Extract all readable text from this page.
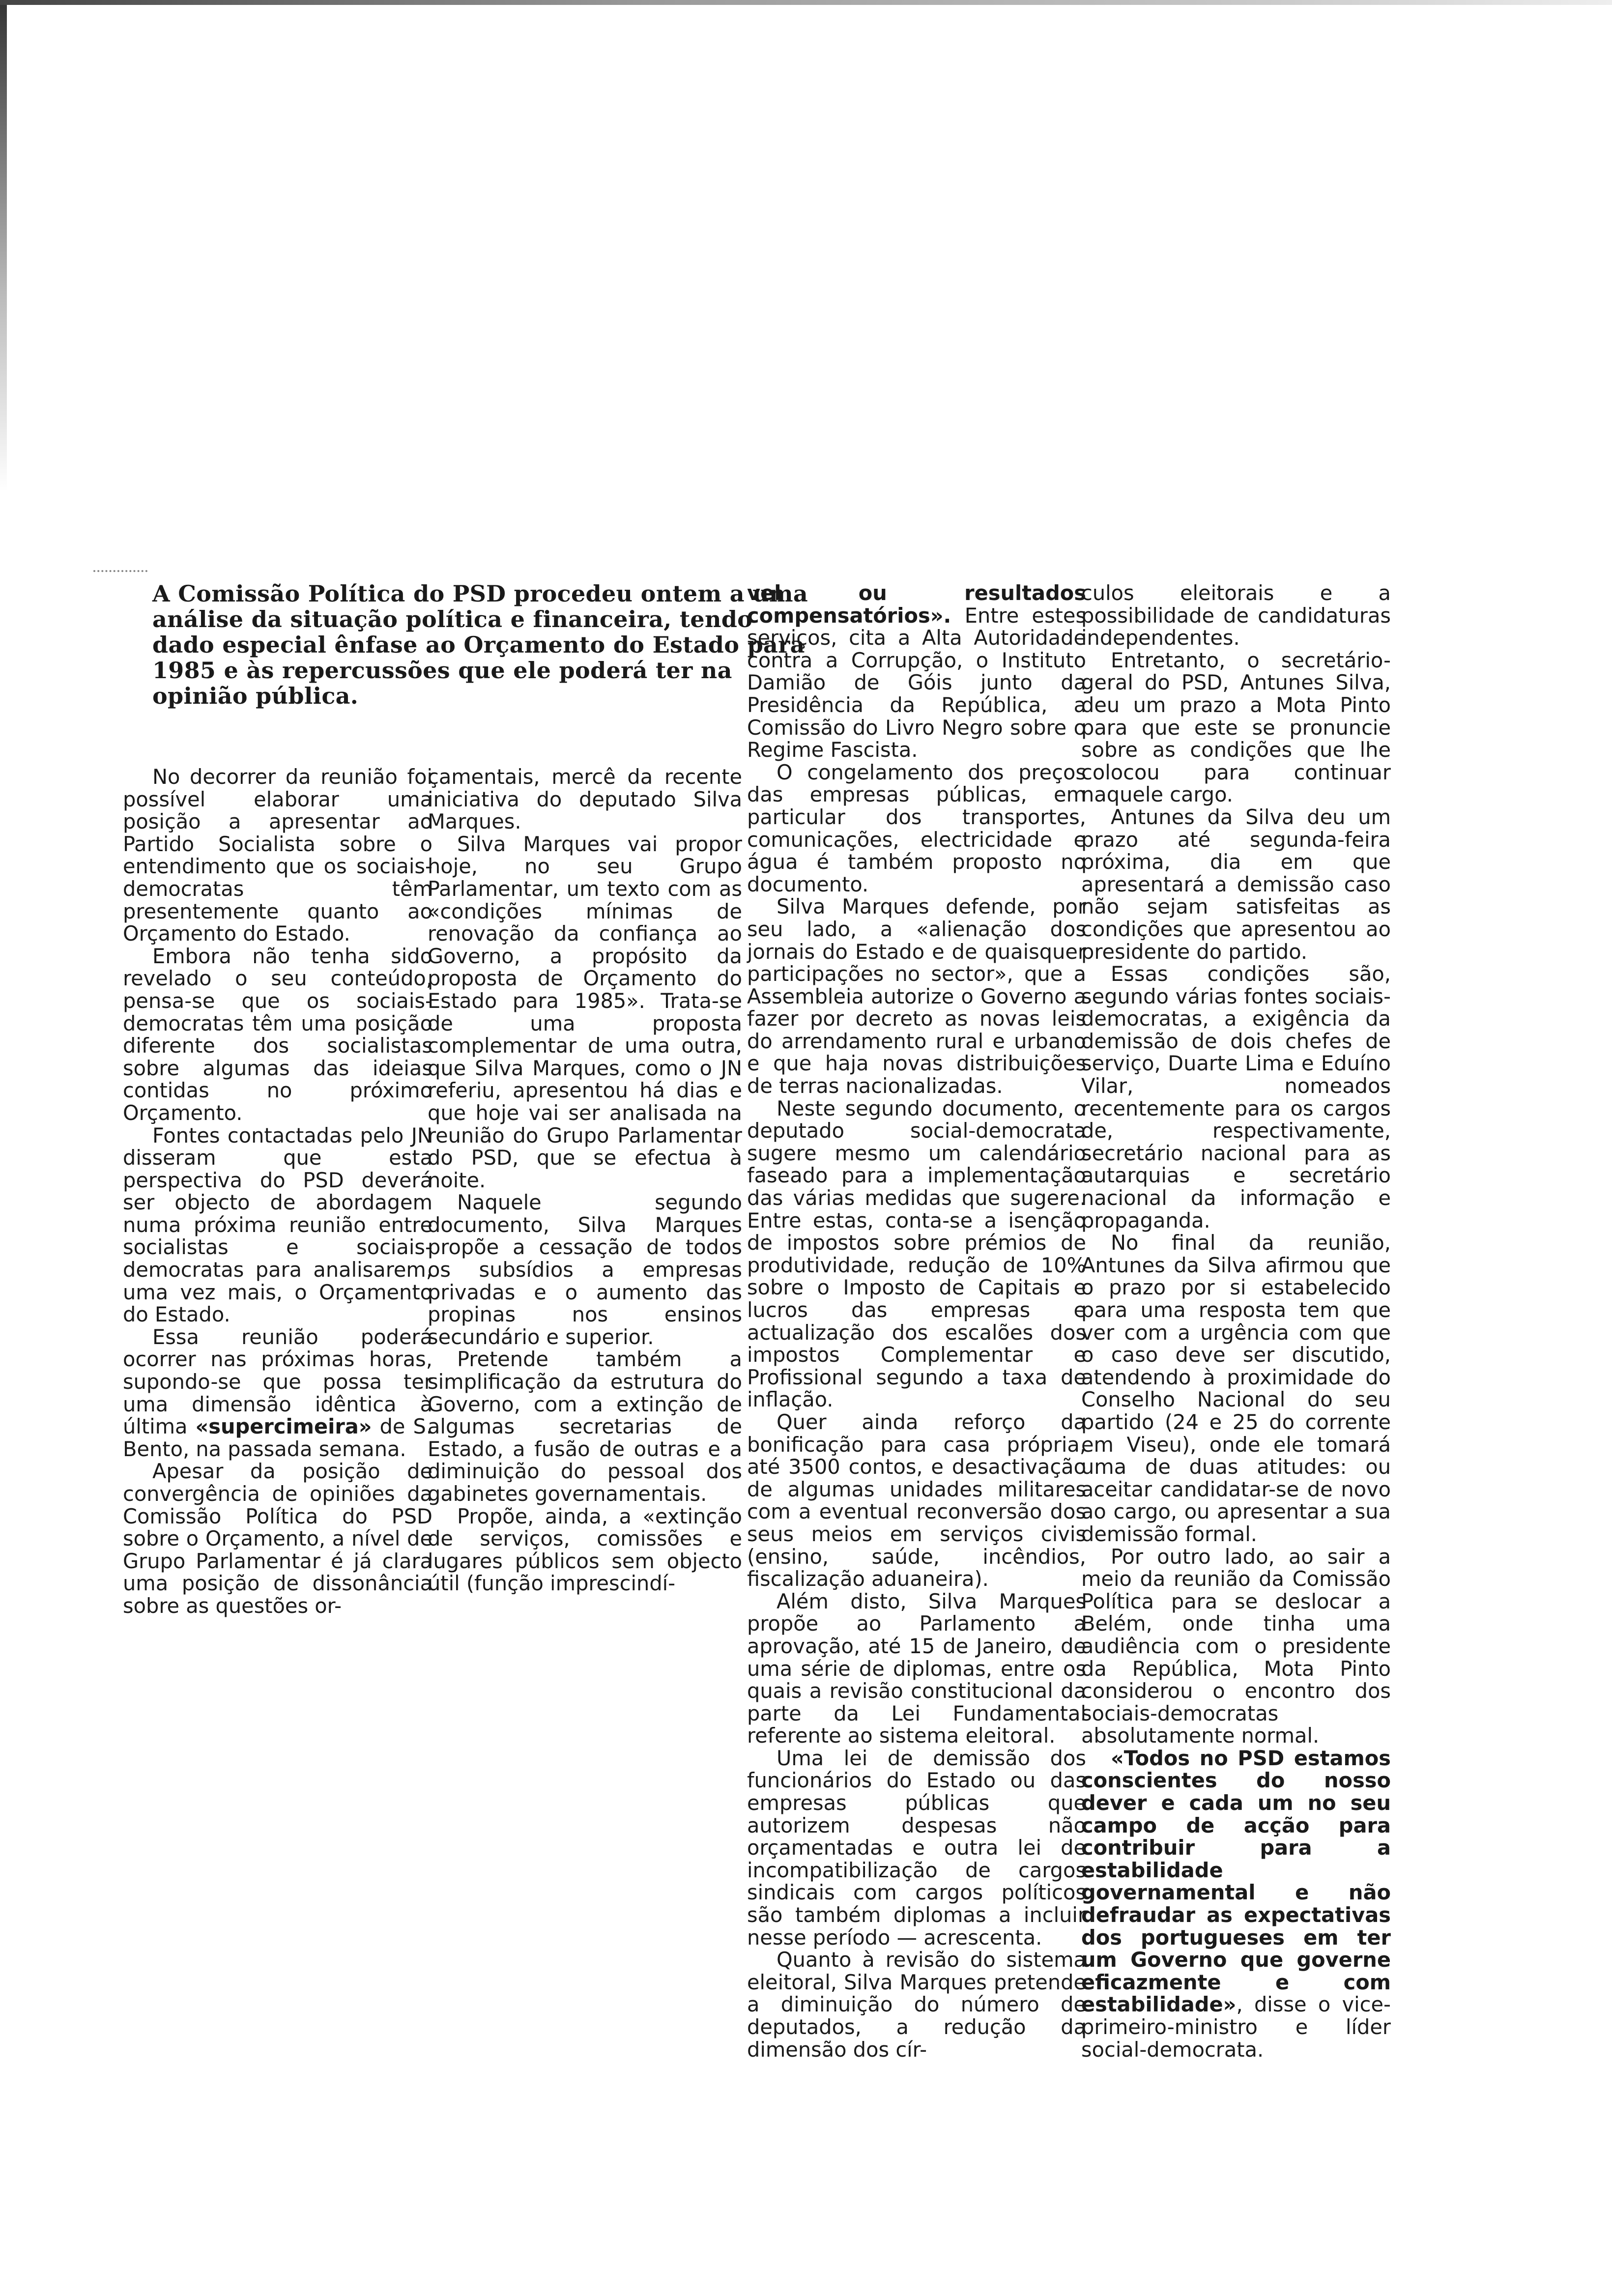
A Comissão Política do PSD procedeu ontem a uma análise da situação política e financeira, tendo dado especial ênfase ao Orçamento do Estado para 1985 e às repercussões que ele poderá ter na opinião pública.

No decorrer da reunião foi possível elaborar uma posição a apresentar ao Partido Socialista sobre o entendimento que os sociais-democratas têm presentemente quanto ao Orçamento do Estado.

Embora não tenha sido revelado o seu conteúdo, pensa-se que os sociais-democratas têm uma posição diferente dos socialistas sobre algumas das ideias contidas no próximo Orçamento.

Fontes contactadas pelo JN disseram que esta perspectiva do PSD deverá ser objecto de abordagem numa próxima reunião entre socialistas e sociais-democratas para analisarem, uma vez mais, o Orçamento do Estado.

Essa reunião poderá ocorrer nas próximas horas, supondo-se que possa ter uma dimensão idêntica à última «supercimeira» de S. Bento, na passada semana.

Apesar da posição de convergência de opiniões da Comissão Política do PSD sobre o Orçamento, a nível de Grupo Parlamentar é já clara uma posição de dissonância sobre as questões or-

çamentais, mercê da recente iniciativa do deputado Silva Marques.

Silva Marques vai propor hoje, no seu Grupo Parlamentar, um texto com as «condições mínimas de renovação da confiança ao Governo, a propósito da proposta de Orçamento do Estado para 1985». Trata-se de uma proposta complementar de uma outra, que Silva Marques, como o JN referiu, apresentou há dias e que hoje vai ser analisada na reunião do Grupo Parlamentar do PSD, que se efectua à noite.

Naquele segundo documento, Silva Marques propõe a cessação de todos os subsídios a empresas privadas e o aumento das propinas nos ensinos secundário e superior.

Pretende também a simplificação da estrutura do Governo, com a extinção de algumas secretarias de Estado, a fusão de outras e a diminuição do pessoal dos gabinetes governamentais.

Propõe, ainda, a «extinção de serviços, comissões e lugares públicos sem objecto útil (função imprescindí-

vel ou resultados compensatórios». Entre estes serviços, cita a Alta Autoridade contra a Corrupção, o Instituto Damião de Góis junto da Presidência da República, a Comissão do Livro Negro sobre o Regime Fascista.

O congelamento dos preços das empresas públicas, em particular dos transportes, comunicações, electricidade e água é também proposto no documento.

Silva Marques defende, por seu lado, a «alienação dos jornais do Estado e de quaisquer participações no sector», que a Assembleia autorize o Governo a fazer por decreto as novas leis do arrendamento rural e urbano e que haja novas distribuições de terras nacionalizadas.

Neste segundo documento, o deputado social-democrata sugere mesmo um calendário faseado para a implementação das várias medidas que sugere. Entre estas, conta-se a isenção de impostos sobre prémios de produtividade, redução de 10% sobre o Imposto de Capitais e lucros das empresas e actualização dos escalões dos impostos Complementar e Profissional segundo a taxa de inflação.

Quer ainda reforço da bonificação para casa própria, até 3500 contos, e desactivação de algumas unidades militares com a eventual reconversão dos seus meios em serviços civis (ensino, saúde, incêndios, fiscalização aduaneira).

Além disto, Silva Marques propõe ao Parlamento a aprovação, até 15 de Janeiro, de uma série de diplomas, entre os quais a revisão constitucional da parte da Lei Fundamental referente ao sistema eleitoral.

Uma lei de demissão dos funcionários do Estado ou das empresas públicas que autorizem despesas não orçamentadas e outra lei de incompatibilização de cargos sindicais com cargos políticos são também diplomas a incluir nesse período — acrescenta.

Quanto à revisão do sistema eleitoral, Silva Marques pretende a diminuição do número de deputados, a redução da dimensão dos cír-

culos eleitorais e a possibilidade de candidaturas independentes.

Entretanto, o secretário-geral do PSD, Antunes Silva, deu um prazo a Mota Pinto para que este se pronuncie sobre as condições que lhe colocou para continuar naquele cargo.

Antunes da Silva deu um prazo até segunda-feira próxima, dia em que apresentará a demissão caso não sejam satisfeitas as condições que apresentou ao presidente do partido.

Essas condições são, segundo várias fontes sociais-democratas, a exigência da demissão de dois chefes de serviço, Duarte Lima e Eduíno Vilar, nomeados recentemente para os cargos de, respectivamente, secretário nacional para as autarquias e secretário nacional da informação e propaganda.

No final da reunião, Antunes da Silva afirmou que o prazo por si estabelecido para uma resposta tem que ver com a urgência com que o caso deve ser discutido, atendendo à proximidade do Conselho Nacional do seu partido (24 e 25 do corrente em Viseu), onde ele tomará uma de duas atitudes: ou aceitar candidatar-se de novo ao cargo, ou apresentar a sua demissão formal.

Por outro lado, ao sair a meio da reunião da Comissão Política para se deslocar a Belém, onde tinha uma audiência com o presidente da República, Mota Pinto considerou o encontro dos sociais-democratas absolutamente normal.

«Todos no PSD estamos conscientes do nosso dever e cada um no seu campo de acção para contribuir para a estabilidade governamental e não defraudar as expectativas dos portugueses em ter um Governo que governe eficazmente e com estabilidade», disse o vice-primeiro-ministro e líder social-democrata.
